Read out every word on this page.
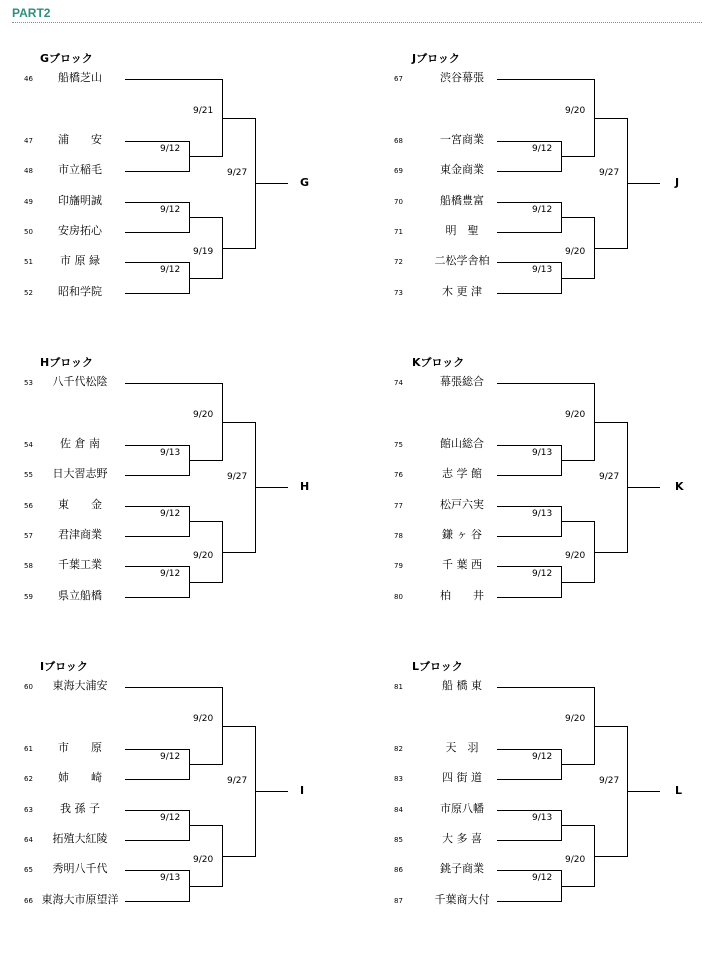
PART2
Gブロック
46	船橋芝山
47	浦　　安
48	市立稲毛
49	印旛明誠
50	安房拓心
51	市 原 緑
52	昭和学院
9/12
9/12
9/12
9/21
9/19
9/27
G
Jブロック
67	渋谷幕張
68	一宮商業
69	東金商業
70	船橋豊富
71	明　聖
72	二松学舎柏
73	木 更 津
9/12
9/12
9/13
9/20
9/20
9/27
J
Hブロック
53	八千代松陰
54	佐 倉 南
55	日大習志野
56	東　　金
57	君津商業
58	千葉工業
59	県立船橋
9/13
9/12
9/12
9/20
9/20
9/27
H
Kブロック
74	幕張総合
75	館山総合
76	志 学 館
77	松戸六実
78	鎌 ヶ 谷
79	千 葉 西
80	柏　　井
9/13
9/13
9/12
9/20
9/20
9/27
K
Iブロック
60	東海大浦安
61	市　　原
62	姉　　崎
63	我 孫 子
64	拓殖大紅陵
65	秀明八千代
66 東海大市原望洋
9/12
9/12
9/13
9/20
9/20
9/27
I
Lブロック
81	船 橋 東
82	天　羽
83	四 街 道
84	市原八幡
85	大 多 喜
86	銚子商業
87	千葉商大付
9/12
9/13
9/12
9/20
9/20
9/27
L
